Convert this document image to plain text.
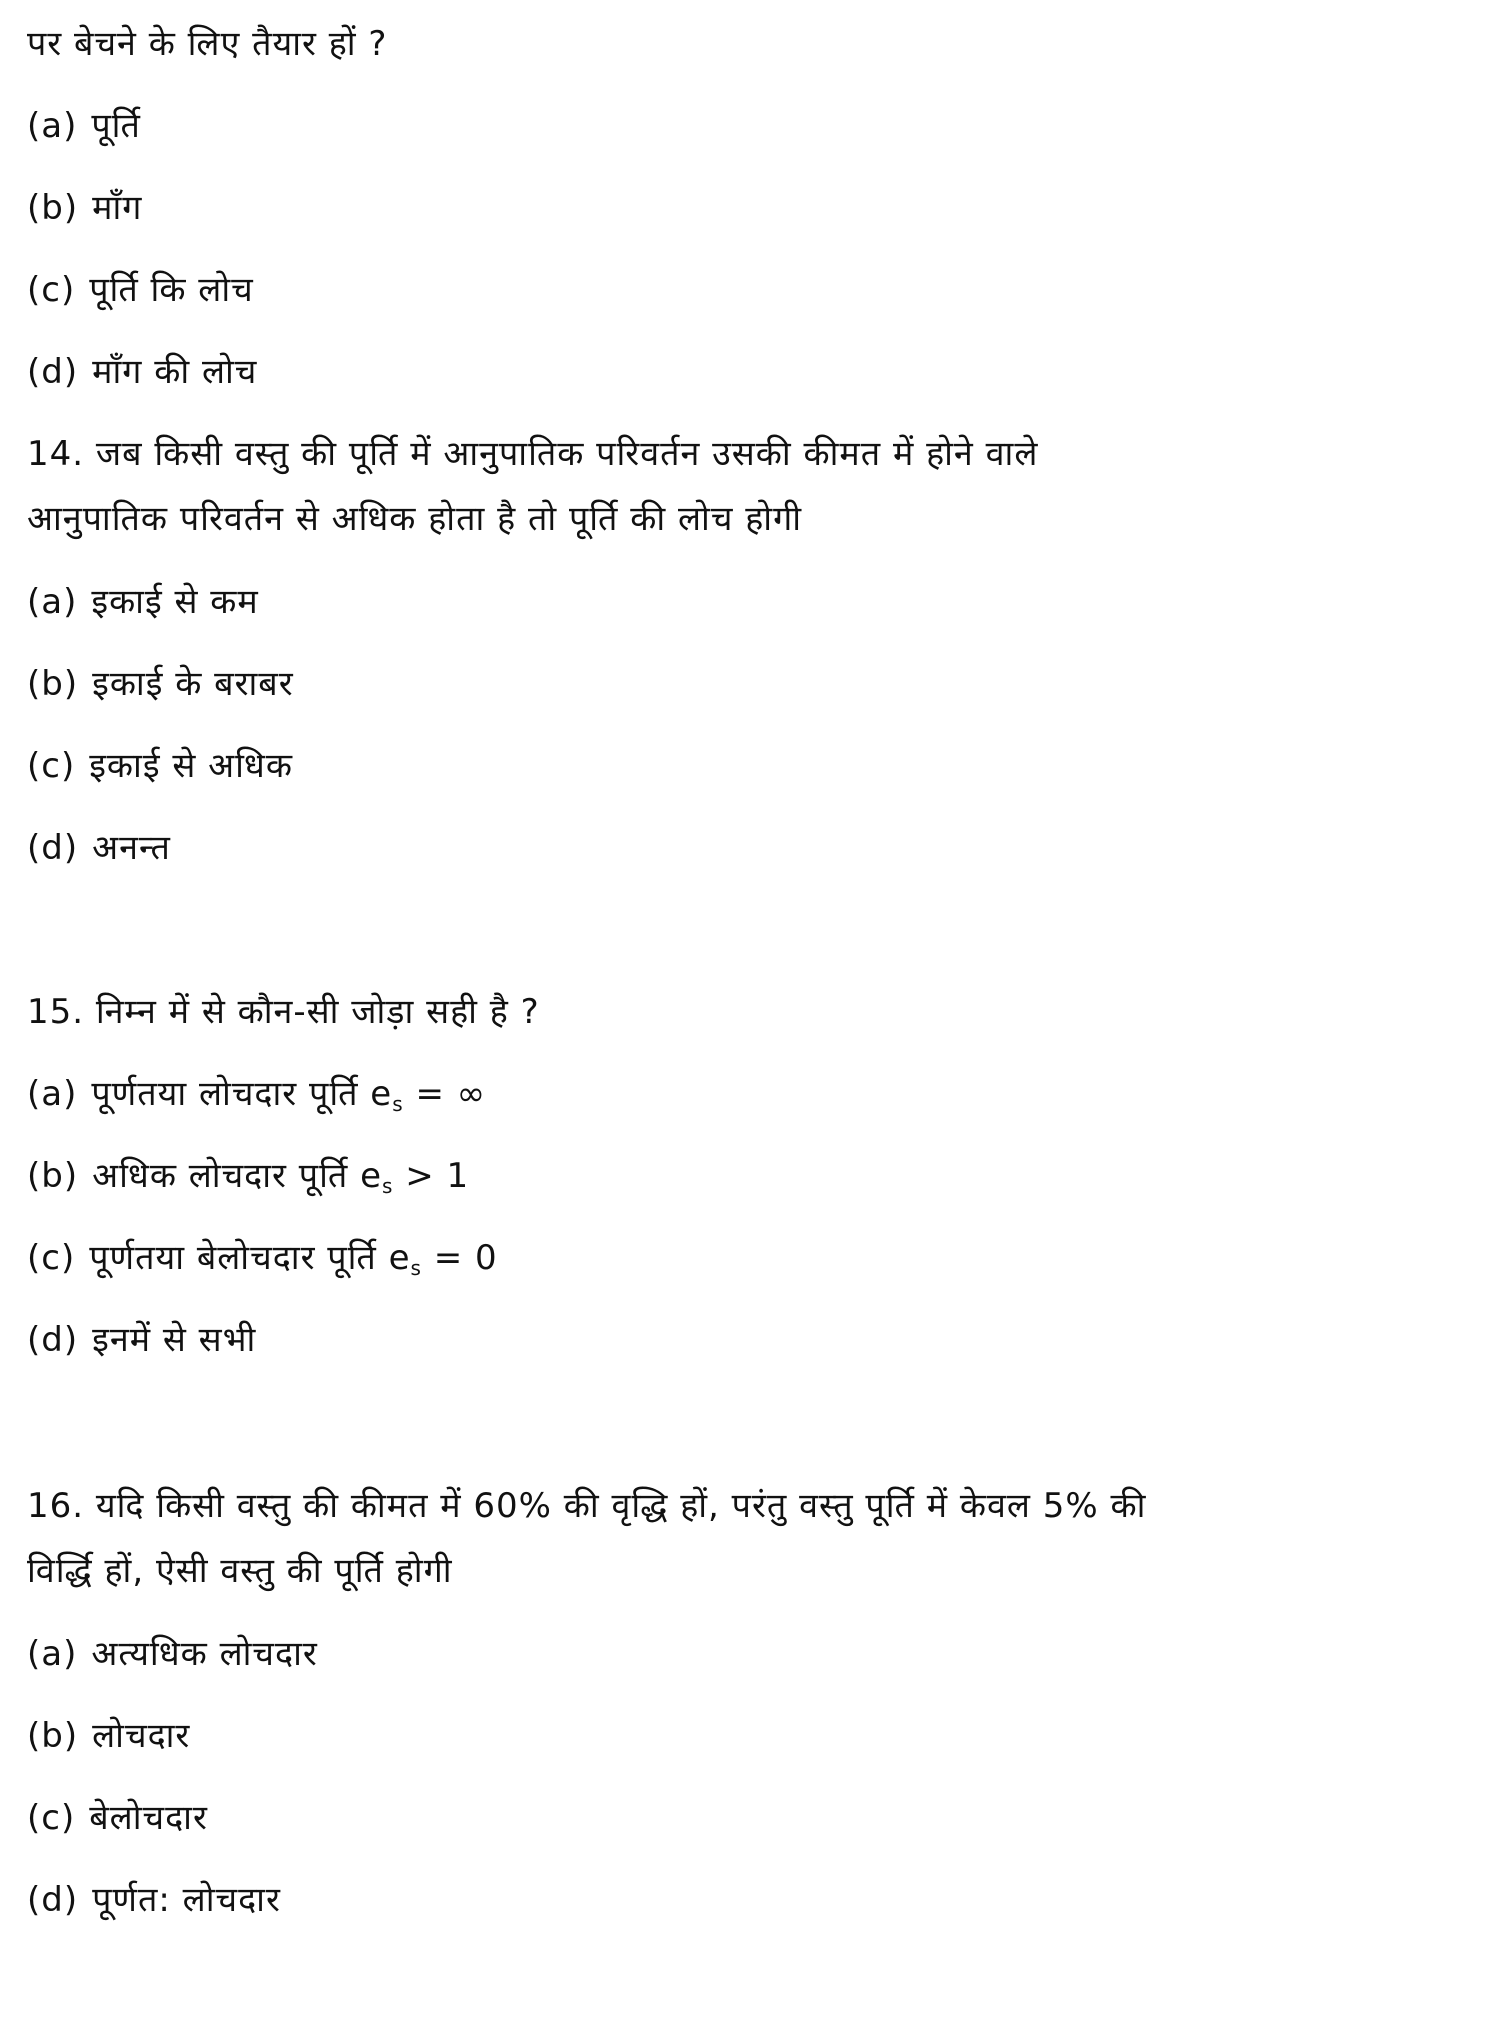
पर बेचने के लिए तैयार हों ?
(a) पूर्ति
(b) माँग
(c) पूर्ति कि लोच
(d) माँग की लोच
14. जब किसी वस्तु की पूर्ति में आनुपातिक परिवर्तन उसकी कीमत में होने वाले
आनुपातिक परिवर्तन से अधिक होता है तो पूर्ति की लोच होगी
(a) इकाई से कम
(b) इकाई के बराबर
(c) इकाई से अधिक
(d) अनन्त
15. निम्न में से कौन-सी जोड़ा सही है ?
(a) पूर्णतया लोचदार पूर्ति $e_s$ = ∞
(b) अधिक लोचदार पूर्ति $e_s > 1$
(c) पूर्णतया बेलोचदार पूर्ति $e_s = 0$
(d) इनमें से सभी
16. यदि किसी वस्तु की कीमत में 60% की वृद्धि हों, परंतु वस्तु पूर्ति में केवल 5% की
विर्द्धि हों, ऐसी वस्तु की पूर्ति होगी
(a) अत्यधिक लोचदार
(b) लोचदार
(c) बेलोचदार
(d) पूर्णत: लोचदार
